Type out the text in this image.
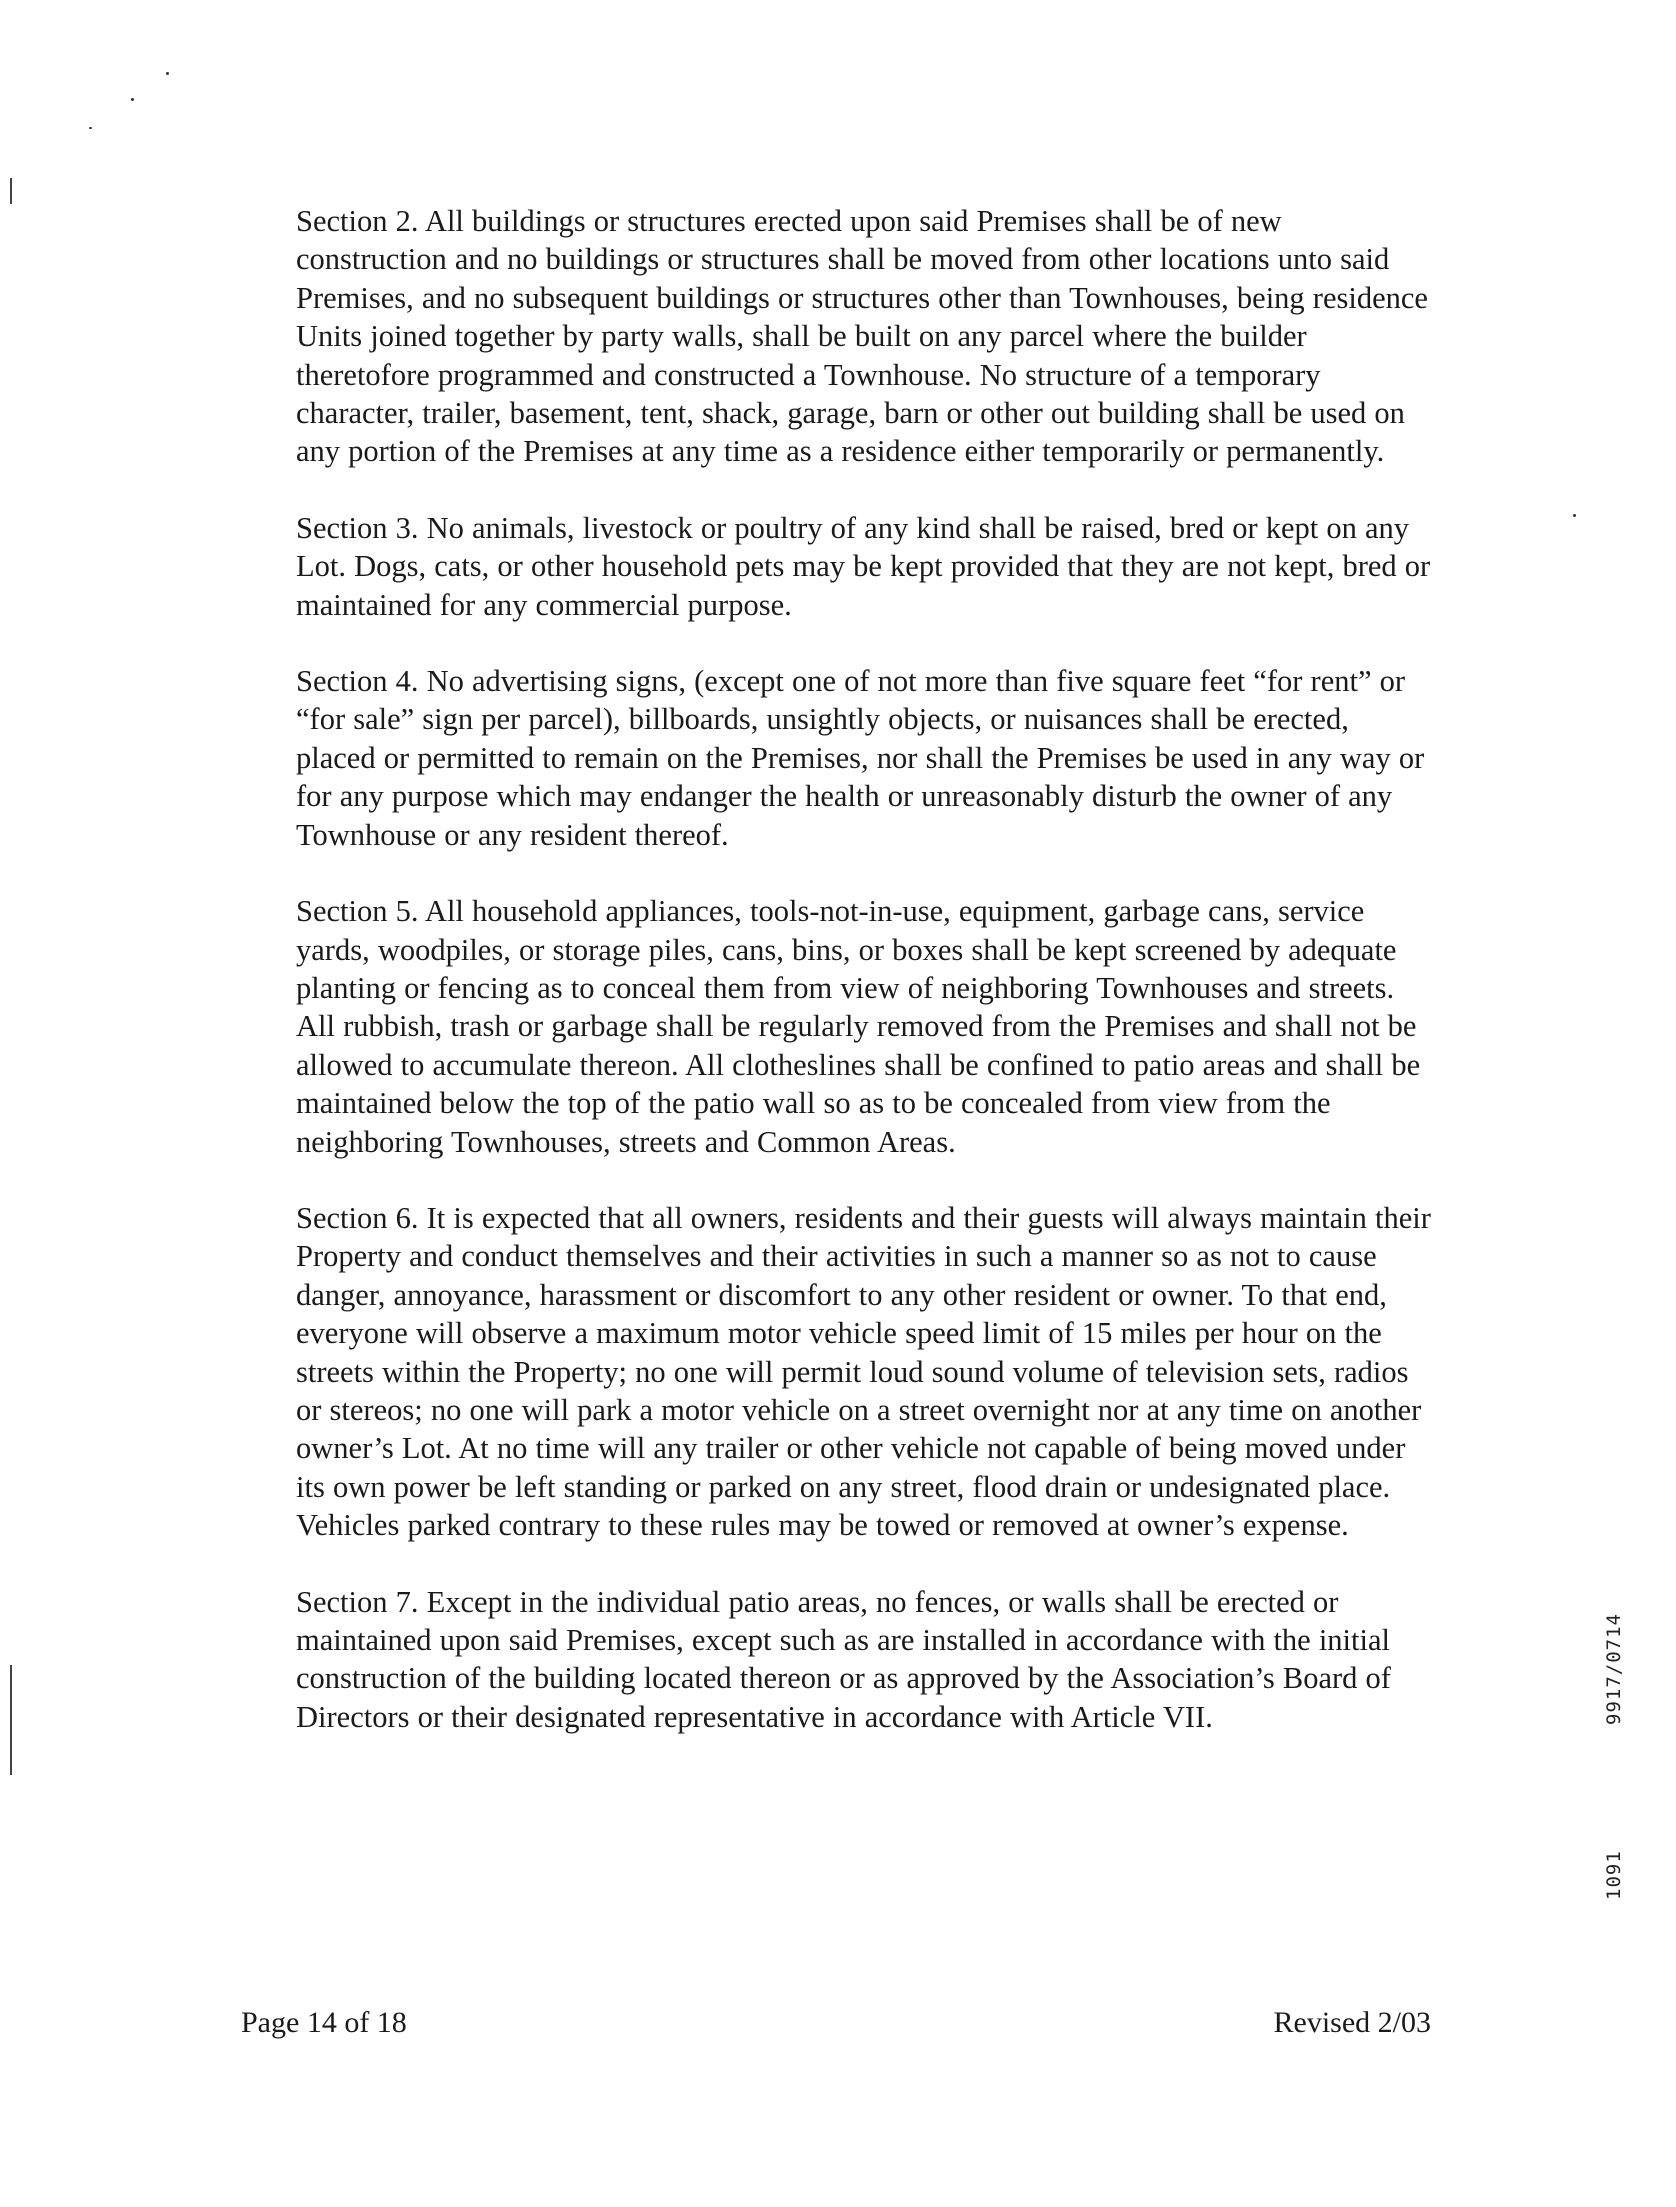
Section 2. All buildings or structures erected upon said Premises shall be of new construction and no buildings or structures shall be moved from other locations unto said Premises, and no subsequent buildings or structures other than Townhouses, being residence Units joined together by party walls, shall be built on any parcel where the builder theretofore programmed and constructed a Townhouse. No structure of a temporary character, trailer, basement, tent, shack, garage, barn or other out building shall be used on any portion of the Premises at any time as a residence either temporarily or permanently.

Section 3. No animals, livestock or poultry of any kind shall be raised, bred or kept on any Lot. Dogs, cats, or other household pets may be kept provided that they are not kept, bred or maintained for any commercial purpose.

Section 4. No advertising signs, (except one of not more than five square feet “for rent” or “for sale” sign per parcel), billboards, unsightly objects, or nuisances shall be erected, placed or permitted to remain on the Premises, nor shall the Premises be used in any way or for any purpose which may endanger the health or unreasonably disturb the owner of any Townhouse or any resident thereof.

Section 5. All household appliances, tools-not-in-use, equipment, garbage cans, service yards, woodpiles, or storage piles, cans, bins, or boxes shall be kept screened by adequate planting or fencing as to conceal them from view of neighboring Townhouses and streets. All rubbish, trash or garbage shall be regularly removed from the Premises and shall not be allowed to accumulate thereon. All clotheslines shall be confined to patio areas and shall be maintained below the top of the patio wall so as to be concealed from view from the neighboring Townhouses, streets and Common Areas.

Section 6. It is expected that all owners, residents and their guests will always maintain their Property and conduct themselves and their activities in such a manner so as not to cause danger, annoyance, harassment or discomfort to any other resident or owner. To that end, everyone will observe a maximum motor vehicle speed limit of 15 miles per hour on the streets within the Property; no one will permit loud sound volume of television sets, radios or stereos; no one will park a motor vehicle on a street overnight nor at any time on another owner’s Lot. At no time will any trailer or other vehicle not capable of being moved under its own power be left standing or parked on any street, flood drain or undesignated place. Vehicles parked contrary to these rules may be towed or removed at owner’s expense.

Section 7. Except in the individual patio areas, no fences, or walls shall be erected or maintained upon said Premises, except such as are installed in accordance with the initial construction of the building located thereon or as approved by the Association’s Board of Directors or their designated representative in accordance with Article VII.	9917/0714
1091
Page 14 of 18	Revised 2/03
